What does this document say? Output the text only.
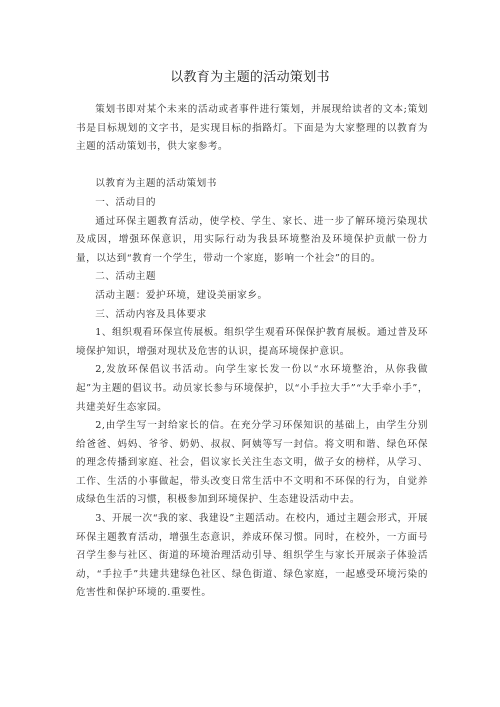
以教育为主题的活动策划书

策划书即对某个未来的活动或者事件进行策划，并展现给读者的文本;策划书是目标规划的文字书，是实现目标的指路灯。下面是为大家整理的以教育为主题的活动策划书，供大家参考。

以教育为主题的活动策划书

一、活动目的

通过环保主题教育活动，使学校、学生、家长、进一步了解环境污染现状及成因，增强环保意识，用实际行动为我县环境整治及环境保护贡献一份力量，以达到“教育一个学生，带动一个家庭，影响一个社会”的目的。

二、活动主题

活动主题：爱护环境，建设美丽家乡。

三、活动内容及具体要求

1、组织观看环保宣传展板。组织学生观看环保保护教育展板。通过普及环境保护知识，增强对现状及危害的认识，提高环境保护意识。

2,发放环保倡议书活动。向学生家长发一份以“水环境整治，从你我做起”为主题的倡议书。动员家长参与环境保护，以“小手拉大手”“大手牵小手”，共建美好生态家园。

2,由学生写一封给家长的信。在充分学习环保知识的基础上，由学生分别给爸爸、妈妈、爷爷、奶奶、叔叔、阿姨等写一封信。将文明和谐、绿色环保的理念传播到家庭、社会，倡议家长关注生态文明，做子女的榜样，从学习、工作、生活的小事做起，带头改变日常生活中不文明和不环保的行为，自觉养成绿色生活的习惯，积极参加到环境保护、生态建设活动中去。

3、开展一次“我的家、我建设”主题活动。在校内，通过主题会形式，开展环保主题教育活动，增强生态意识，养成环保习惯。同时，在校外，一方面号召学生参与社区、街道的环境治理活动引导、组织学生与家长开展亲子体验活动，“手拉手”共建共建绿色社区、绿色街道、绿色家庭，一起感受环境污染的危害性和保护环境的.重要性。
